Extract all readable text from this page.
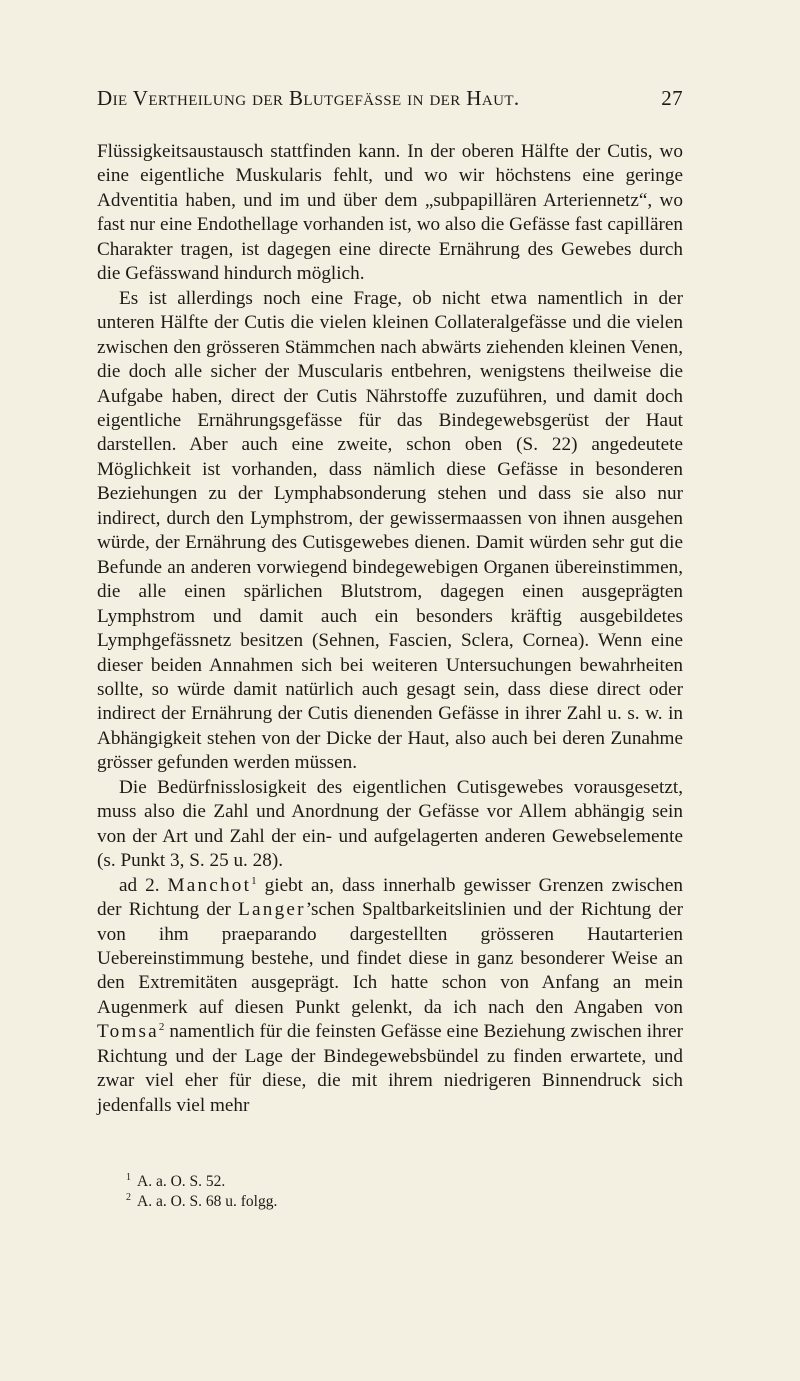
Die Vertheilung der Blutgefässe in der Haut.	27

Flüssigkeitsaustausch stattfinden kann. In der oberen Hälfte der Cutis, wo eine eigentliche Muskularis fehlt, und wo wir höchstens eine geringe Adventitia haben, und im und über dem „subpapillären Arteriennetz“, wo fast nur eine Endothellage vorhanden ist, wo also die Gefässe fast capillären Charakter tragen, ist dagegen eine directe Ernährung des Gewebes durch die Gefässwand hindurch möglich.

Es ist allerdings noch eine Frage, ob nicht etwa namentlich in der unteren Hälfte der Cutis die vielen kleinen Collateralgefässe und die vielen zwischen den grösseren Stämmchen nach abwärts ziehenden kleinen Venen, die doch alle sicher der Muscularis entbehren, wenigstens theilweise die Aufgabe haben, direct der Cutis Nährstoffe zuzuführen, und damit doch eigentliche Ernährungsgefässe für das Bindegewebsgerüst der Haut darstellen. Aber auch eine zweite, schon oben (S. 22) angedeutete Möglichkeit ist vorhanden, dass nämlich diese Gefässe in besonderen Beziehungen zu der Lymphabsonderung stehen und dass sie also nur indirect, durch den Lymphstrom, der gewissermaassen von ihnen ausgehen würde, der Ernährung des Cutisgewebes dienen. Damit würden sehr gut die Befunde an anderen vorwiegend bindegewebigen Organen übereinstimmen, die alle einen spärlichen Blutstrom, dagegen einen ausgeprägten Lymphstrom und damit auch ein besonders kräftig ausgebildetes Lymphgefässnetz besitzen (Sehnen, Fascien, Sclera, Cornea). Wenn eine dieser beiden Annahmen sich bei weiteren Untersuchungen bewahrheiten sollte, so würde damit natürlich auch gesagt sein, dass diese direct oder indirect der Ernährung der Cutis dienenden Gefässe in ihrer Zahl u. s. w. in Abhängigkeit stehen von der Dicke der Haut, also auch bei deren Zunahme grösser gefunden werden müssen.

Die Bedürfnisslosigkeit des eigentlichen Cutisgewebes vorausgesetzt, muss also die Zahl und Anordnung der Gefässe vor Allem abhängig sein von der Art und Zahl der ein- und aufgelagerten anderen Gewebselemente (s. Punkt 3, S. 25 u. 28).

ad 2. Manchot$^1$ giebt an, dass innerhalb gewisser Grenzen zwischen der Richtung der Langer’schen Spaltbarkeitslinien und der Richtung der von ihm praeparando dargestellten grösseren Hautarterien Uebereinstimmung bestehe, und findet diese in ganz besonderer Weise an den Extremitäten ausgeprägt. Ich hatte schon von Anfang an mein Augenmerk auf diesen Punkt gelenkt, da ich nach den Angaben von Tomsa$^2$ namentlich für die feinsten Gefässe eine Beziehung zwischen ihrer Richtung und der Lage der Bindegewebsbündel zu finden erwartete, und zwar viel eher für diese, die mit ihrem niedrigeren Binnendruck sich jedenfalls viel mehr

$^1$ A. a. O. S. 52.
$^2$ A. a. O. S. 68 u. folgg.
